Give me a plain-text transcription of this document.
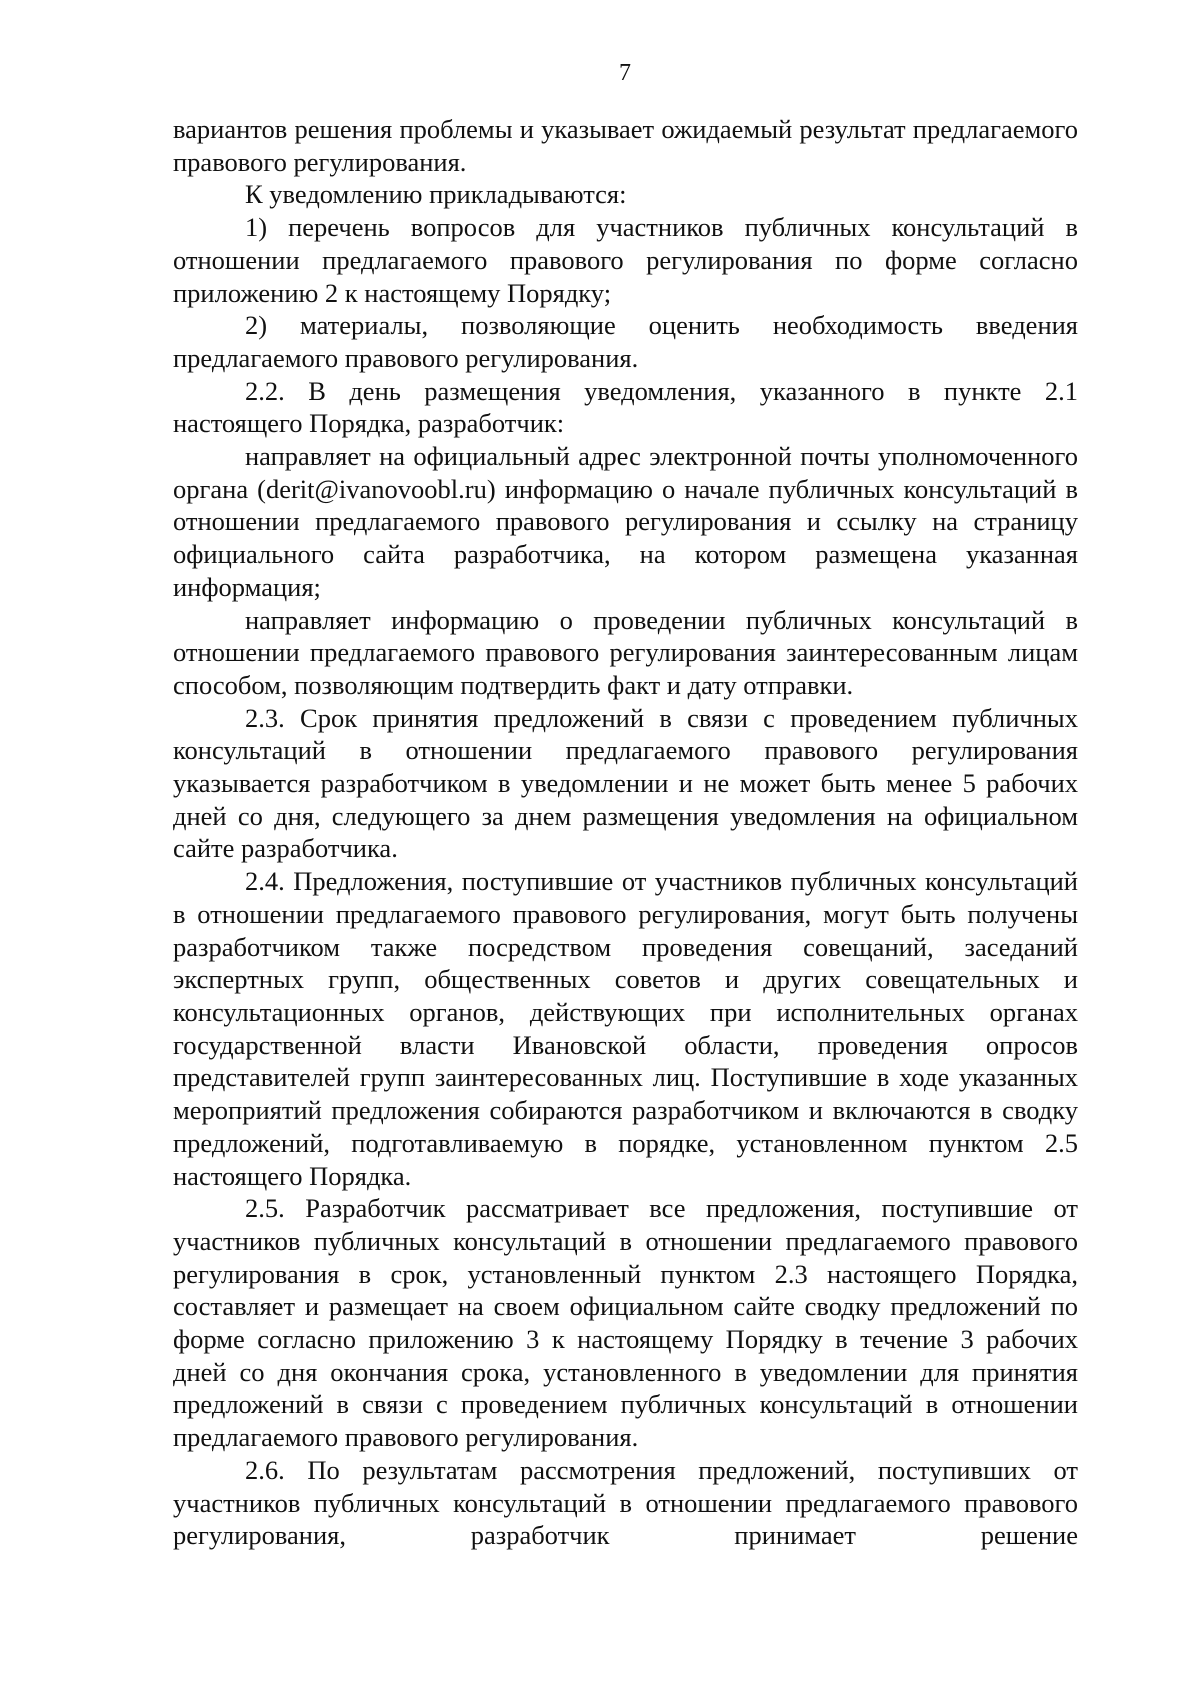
7

вариантов решения проблемы и указывает ожидаемый результат предлагаемого правового регулирования.

К уведомлению прикладываются:

1) перечень вопросов для участников публичных консультаций в отношении предлагаемого правового регулирования по форме согласно приложению 2 к настоящему Порядку;

2) материалы, позволяющие оценить необходимость введения предлагаемого правового регулирования.

2.2. В день размещения уведомления, указанного в пункте 2.1 настоящего Порядка, разработчик:

направляет на официальный адрес электронной почты уполномоченного органа (derit@ivanovoobl.ru) информацию о начале публичных консультаций в отношении предлагаемого правового регулирования и ссылку на страницу официального сайта разработчика, на котором размещена указанная информация;

направляет информацию о проведении публичных консультаций в отношении предлагаемого правового регулирования заинтересованным лицам способом, позволяющим подтвердить факт и дату отправки.

2.3. Срок принятия предложений в связи с проведением публичных консультаций в отношении предлагаемого правового регулирования указывается разработчиком в уведомлении и не может быть менее 5 рабочих дней со дня, следующего за днем размещения уведомления на официальном сайте разработчика.

2.4. Предложения, поступившие от участников публичных консультаций в отношении предлагаемого правового регулирования, могут быть получены разработчиком также посредством проведения совещаний, заседаний экспертных групп, общественных советов и других совещательных и консультационных органов, действующих при исполнительных органах государственной власти Ивановской области, проведения опросов представителей групп заинтересованных лиц. Поступившие в ходе указанных мероприятий предложения собираются разработчиком и включаются в сводку предложений, подготавливаемую в порядке, установленном пунктом 2.5 настоящего Порядка.

2.5. Разработчик рассматривает все предложения, поступившие от участников публичных консультаций в отношении предлагаемого правового регулирования в срок, установленный пунктом 2.3 настоящего Порядка, составляет и размещает на своем официальном сайте сводку предложений по форме согласно приложению 3 к настоящему Порядку в течение 3 рабочих дней со дня окончания срока, установленного в уведомлении для принятия предложений в связи с проведением публичных консультаций в отношении предлагаемого правового регулирования.

2.6. По результатам рассмотрения предложений, поступивших от участников публичных консультаций в отношении предлагаемого правового регулирования, разработчик принимает решение
